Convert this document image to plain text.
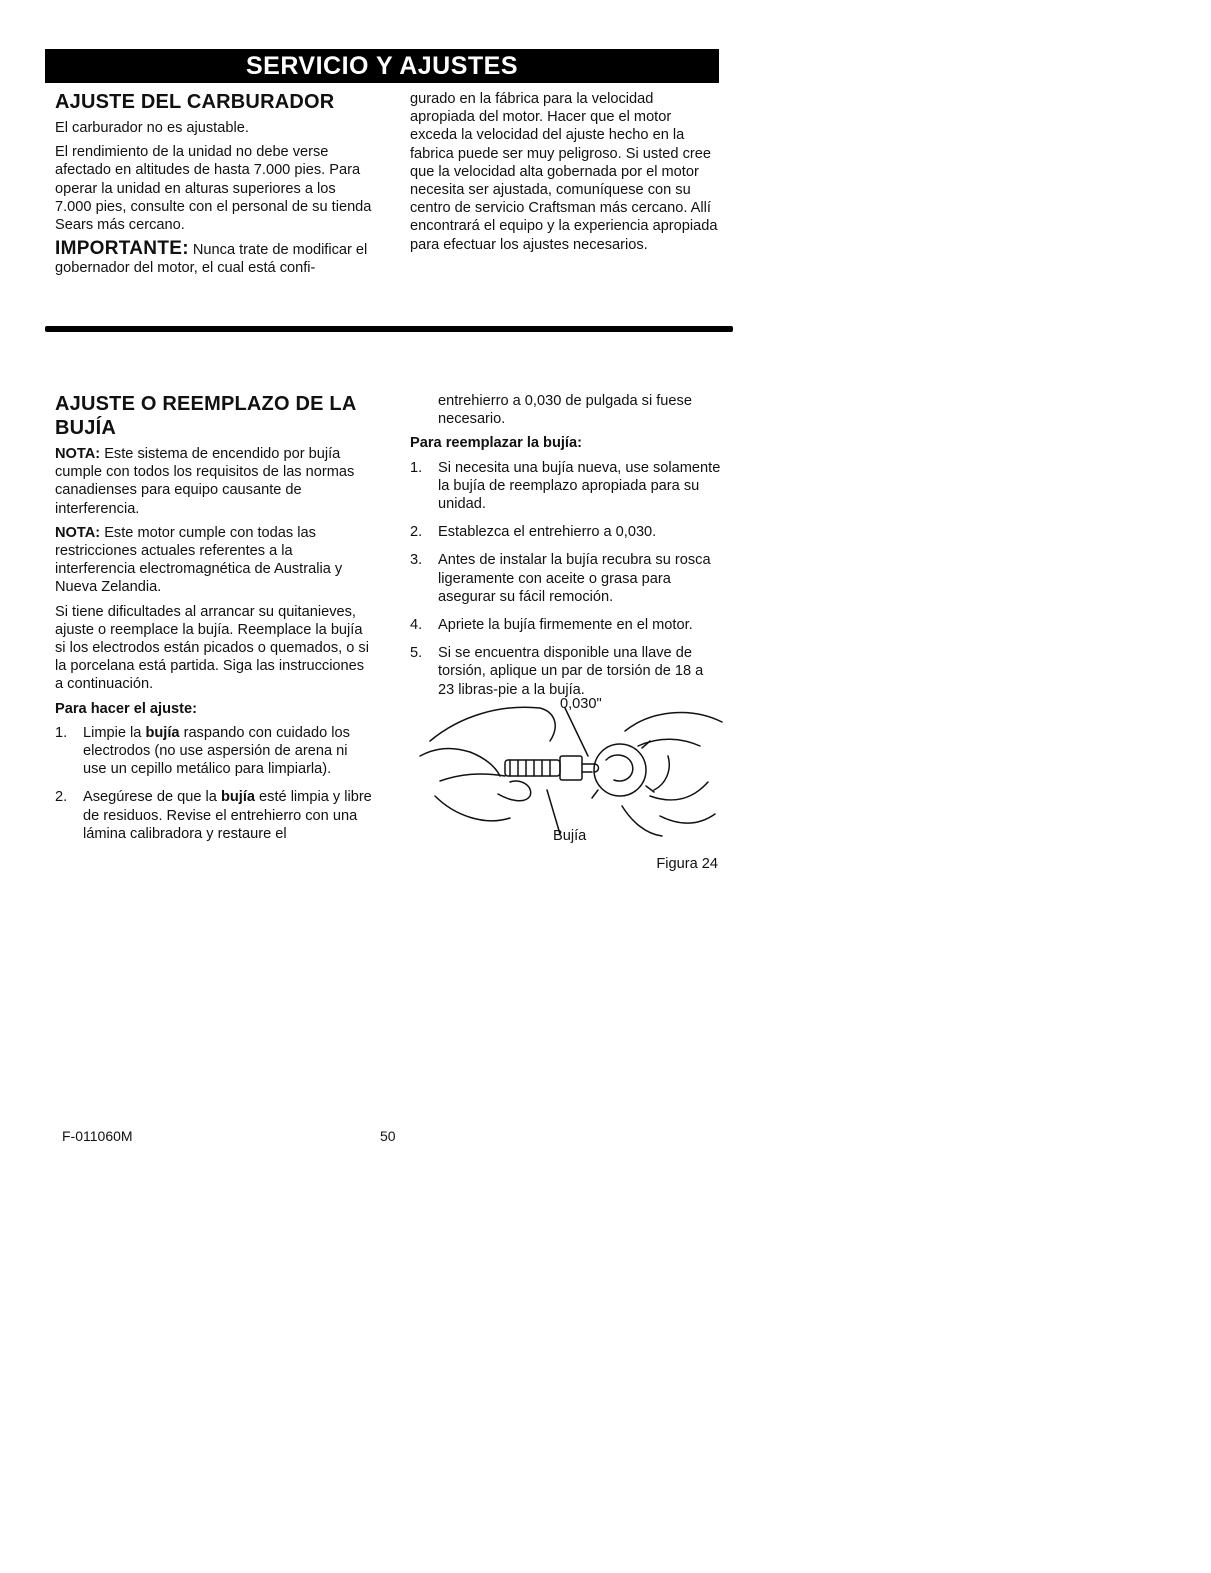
SERVICIO Y AJUSTES
AJUSTE DEL CARBURADOR

El carburador no es ajustable.

El rendimiento de la unidad no debe verse afectado en altitudes de hasta 7.000 pies. Para operar la unidad en alturas superiores a los 7.000 pies, consulte con el personal de su tienda Sears más cercano.

IMPORTANTE: Nunca trate de modificar el gobernador del motor, el cual está confi-

gurado en la fábrica para la velocidad apropiada del motor. Hacer que el motor exceda la velocidad del ajuste hecho en la fabrica puede ser muy peligroso. Si usted cree que la velocidad alta gobernada por el motor necesita ser ajustada, comuníquese con su centro de servicio Craftsman más cercano. Allí encontrará el equipo y la experiencia apropiada para efectuar los ajustes necesarios.

AJUSTE O REEMPLAZO DE LA BUJÍA

NOTA: Este sistema de encendido por bujía cumple con todos los requisitos de las normas canadienses para equipo causante de interferencia.

NOTA: Este motor cumple con todas las restricciones actuales referentes a la interferencia electromagnética de Australia y Nueva Zelandia.

Si tiene dificultades al arrancar su quitanieves, ajuste o reemplace la bujía. Reemplace la bujía si los electrodos están picados o quemados, o si la porcelana está partida. Siga las instrucciones a continuación.

Para hacer el ajuste:

1. Limpie la bujía raspando con cuidado los electrodos (no use aspersión de arena ni use un cepillo metálico para limpiarla).
2. Asegúrese de que la bujía esté limpia y libre de residuos. Revise el entrehierro con una lámina calibradora y restaure el

entrehierro a 0,030 de pulgada si fuese necesario.

Para reemplazar la bujía:

1. Si necesita una bujía nueva, use solamente la bujía de reemplazo apropiada para su unidad.
2. Establezca el entrehierro a 0,030.
3. Antes de instalar la bujía recubra su rosca ligeramente con aceite o grasa para asegurar su fácil remoción.
4. Apriete la bujía firmemente en el motor.
5. Si se encuentra disponible una llave de torsión, aplique un par de torsión de 18 a 23 libras-pie a la bujía.
0,030"
Bujía
Figura 24
F-011060M	50
